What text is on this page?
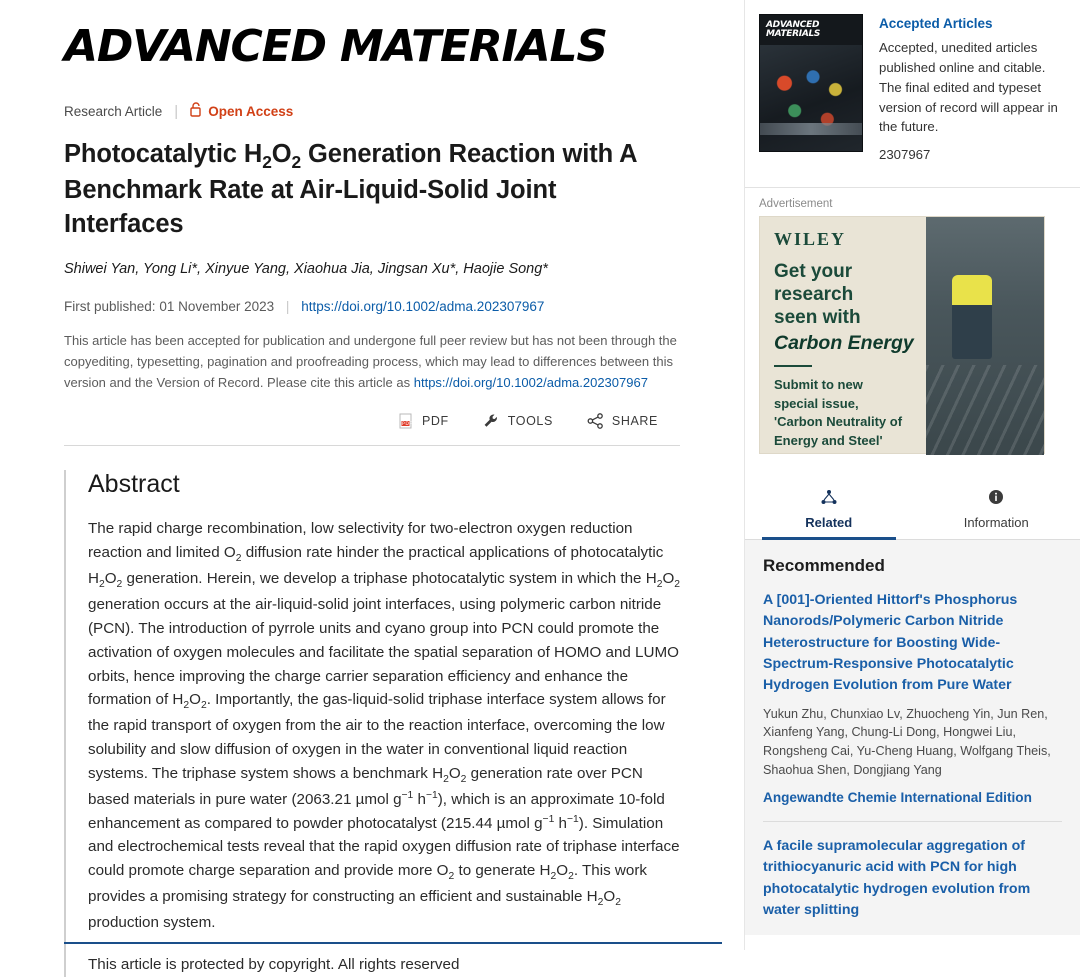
ADVANCED MATERIALS
Research Article | Open Access
Photocatalytic $H_2O_2$ Generation Reaction with A Benchmark Rate at Air-Liquid-Solid Joint Interfaces
Shiwei Yan, Yong Li*, Xinyue Yang, Xiaohua Jia, Jingsan Xu*, Haojie Song*
First published: 01 November 2023 | https://doi.org/10.1002/adma.202307967
This article has been accepted for publication and undergone full peer review but has not been through the copyediting, typesetting, pagination and proofreading process, which may lead to differences between this version and the Version of Record. Please cite this article as https://doi.org/10.1002/adma.202307967
PDF PDF	TOOLS	SHARE
Abstract

The rapid charge recombination, low selectivity for two-electron oxygen reduction reaction and limited $O_2$ diffusion rate hinder the practical applications of photocatalytic $H_2O_2$ generation. Herein, we develop a triphase photocatalytic system in which the $H_2O_2$ generation occurs at the air-liquid-solid joint interfaces, using polymeric carbon nitride (PCN). The introduction of pyrrole units and cyano group into PCN could promote the activation of oxygen molecules and facilitate the spatial separation of HOMO and LUMO orbits, hence improving the charge carrier separation efficiency and enhance the formation of $H_2O_2$. Importantly, the gas-liquid-solid triphase interface system allows for the rapid transport of oxygen from the air to the reaction interface, overcoming the low solubility and slow diffusion of oxygen in the water in conventional liquid reaction systems. The triphase system shows a benchmark $H_2O_2$ generation rate over PCN based materials in pure water (2063.21 µmol $g^{-1}$ $h^{-1}$), which is an approximate 10-fold enhancement as compared to powder photocatalyst (215.44 µmol $g^{-1}$ $h^{-1}$). Simulation and electrochemical tests reveal that the rapid oxygen diffusion rate of triphase interface could promote charge separation and provide more $O_2$ to generate $H_2O_2$. This work provides a promising strategy for constructing an efficient and sustainable $H_2O_2$ production system.

This article is protected by copyright. All rights reserved

ADVANCED MATERIALS
Accepted Articles
Accepted, unedited articles published online and citable. The final edited and typeset version of record will appear in the future.
2307967
Advertisement
WILEY
Get your
research
seen with
Carbon Energy
Submit to new
special issue,
'Carbon Neutrality of
Energy and Steel'
Related	Information
Recommended
A [001]-Oriented Hittorf's Phosphorus Nanorods/Polymeric Carbon Nitride Heterostructure for Boosting Wide-Spectrum-Responsive Photocatalytic Hydrogen Evolution from Pure Water
Yukun Zhu, Chunxiao Lv, Zhuocheng Yin, Jun Ren, Xianfeng Yang, Chung-Li Dong, Hongwei Liu, Rongsheng Cai, Yu-Cheng Huang, Wolfgang Theis, Shaohua Shen, Dongjiang Yang
Angewandte Chemie International Edition
A facile supramolecular aggregation of trithiocyanuric acid with PCN for high photocatalytic hydrogen evolution from water splitting
